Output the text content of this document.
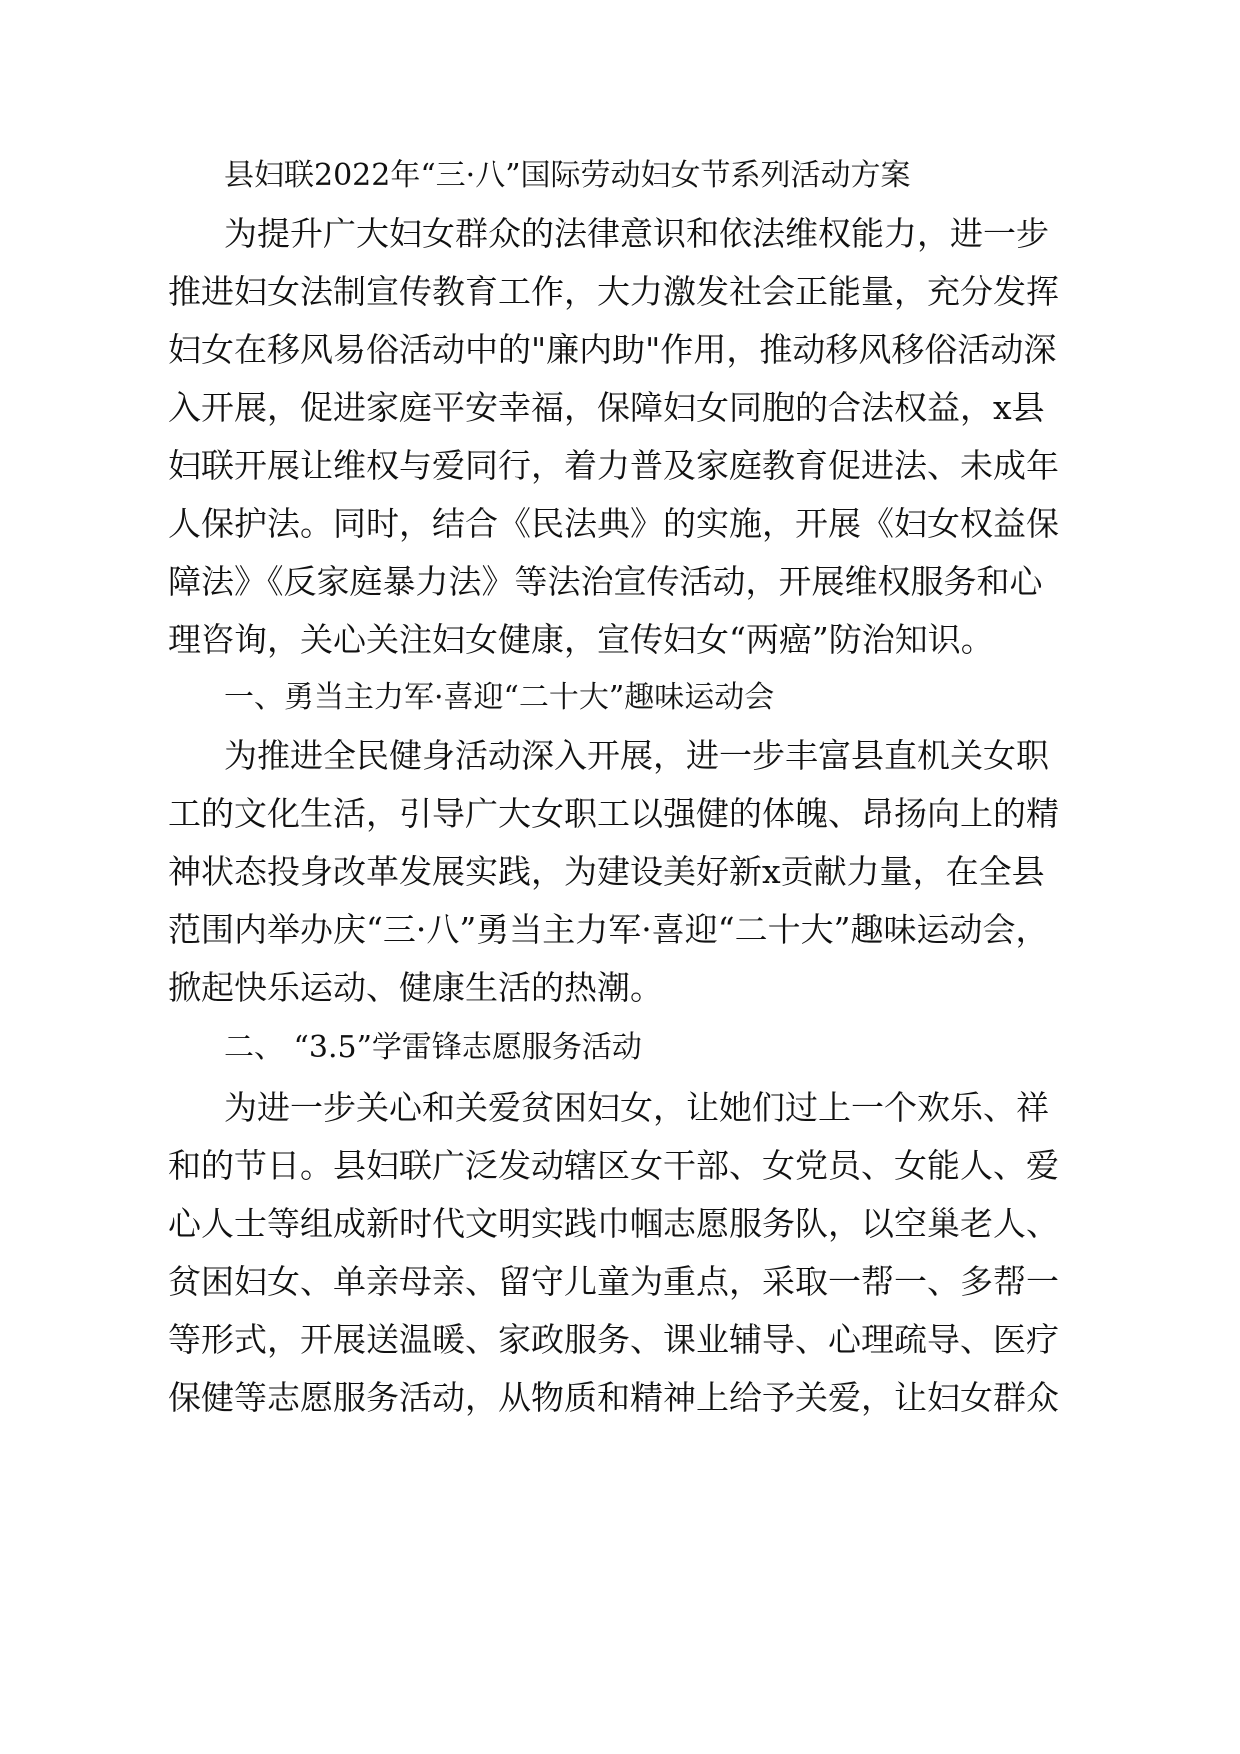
县妇联2022年“三·八”国际劳动妇女节系列活动方案
为提升广大妇女群众的法律意识和依法维权能力，进一步
推进妇女法制宣传教育工作，大力激发社会正能量，充分发挥
妇女在移风易俗活动中的"廉内助"作用，推动移风移俗活动深
入开展，促进家庭平安幸福，保障妇女同胞的合法权益，x县
妇联开展让维权与爱同行，着力普及家庭教育促进法、未成年
人保护法。同时，结合《民法典》的实施，开展《妇女权益保
障法》《反家庭暴力法》等法治宣传活动，开展维权服务和心
理咨询，关心关注妇女健康，宣传妇女“两癌”防治知识。
一、勇当主力军·喜迎“二十大”趣味运动会
为推进全民健身活动深入开展，进一步丰富县直机关女职
工的文化生活，引导广大女职工以强健的体魄、昂扬向上的精
神状态投身改革发展实践，为建设美好新x贡献力量，在全县
范围内举办庆“三·八”勇当主力军·喜迎“二十大”趣味运动会，
掀起快乐运动、健康生活的热潮。
二、 “3.5”学雷锋志愿服务活动
为进一步关心和关爱贫困妇女，让她们过上一个欢乐、祥
和的节日。县妇联广泛发动辖区女干部、女党员、女能人、爱
心人士等组成新时代文明实践巾帼志愿服务队，以空巢老人、
贫困妇女、单亲母亲、留守儿童为重点，采取一帮一、多帮一
等形式，开展送温暖、家政服务、课业辅导、心理疏导、医疗
保健等志愿服务活动，从物质和精神上给予关爱，让妇女群众
